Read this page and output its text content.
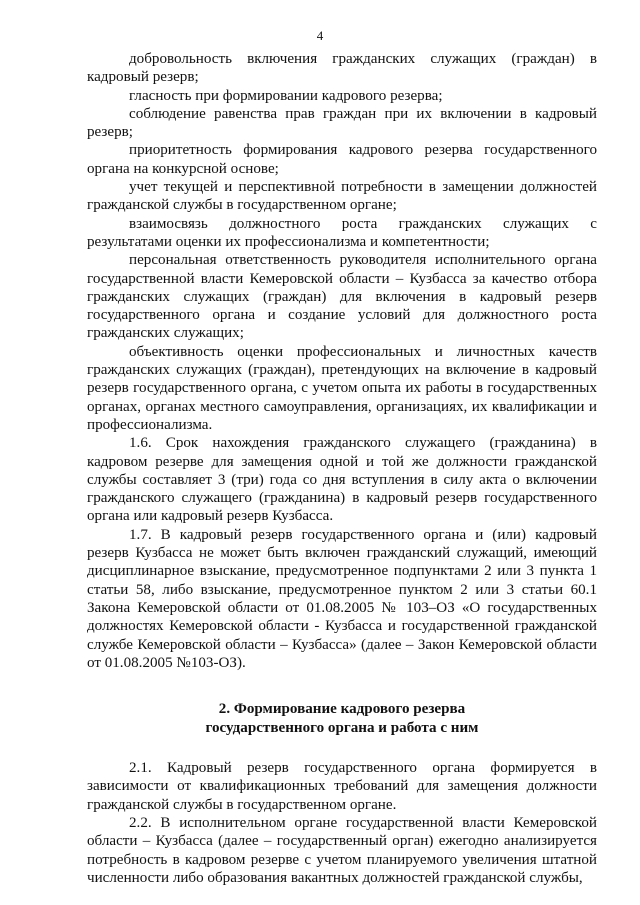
4

добровольность включения гражданских служащих (граждан) в кадровый резерв;

гласность при формировании кадрового резерва;

соблюдение равенства прав граждан при их включении в кадровый резерв;

приоритетность формирования кадрового резерва государственного органа на конкурсной основе;

учет текущей и перспективной потребности в замещении должностей гражданской службы в государственном органе;

взаимосвязь должностного роста гражданских служащих с результатами оценки их профессионализма и компетентности;

персональная ответственность руководителя исполнительного органа государственной власти Кемеровской области – Кузбасса за качество отбора гражданских служащих (граждан) для включения в кадровый резерв государственного органа и создание условий для должностного роста гражданских служащих;

объективность оценки профессиональных и личностных качеств гражданских служащих (граждан), претендующих на включение в кадровый резерв государственного органа, с учетом опыта их работы в государственных органах, органах местного самоуправления, организациях, их квалификации и профессионализма.

1.6. Срок нахождения гражданского служащего (гражданина) в кадровом резерве для замещения одной и той же должности гражданской службы составляет 3 (три) года со дня вступления в силу акта о включении гражданского служащего (гражданина) в кадровый резерв государственного органа или кадровый резерв Кузбасса.

1.7. В кадровый резерв государственного органа и (или) кадровый резерв Кузбасса не может быть включен гражданский служащий, имеющий дисциплинарное взыскание, предусмотренное подпунктами 2 или 3 пункта 1 статьи 58, либо взыскание, предусмотренное пунктом 2 или 3 статьи 60.1 Закона Кемеровской области от 01.08.2005 № 103–ОЗ «О государственных должностях Кемеровской области - Кузбасса и государственной гражданской службе Кемеровской области – Кузбасса» (далее – Закон Кемеровской области от 01.08.2005 №103-ОЗ).

2. Формирование кадрового резерва
государственного органа и работа с ним

2.1. Кадровый резерв государственного органа формируется в зависимости от квалификационных требований для замещения должности гражданской службы в государственном органе.

2.2. В исполнительном органе государственной власти Кемеровской области – Кузбасса (далее – государственный орган) ежегодно анализируется потребность в кадровом резерве с учетом планируемого увеличения штатной численности либо образования вакантных должностей гражданской службы,
